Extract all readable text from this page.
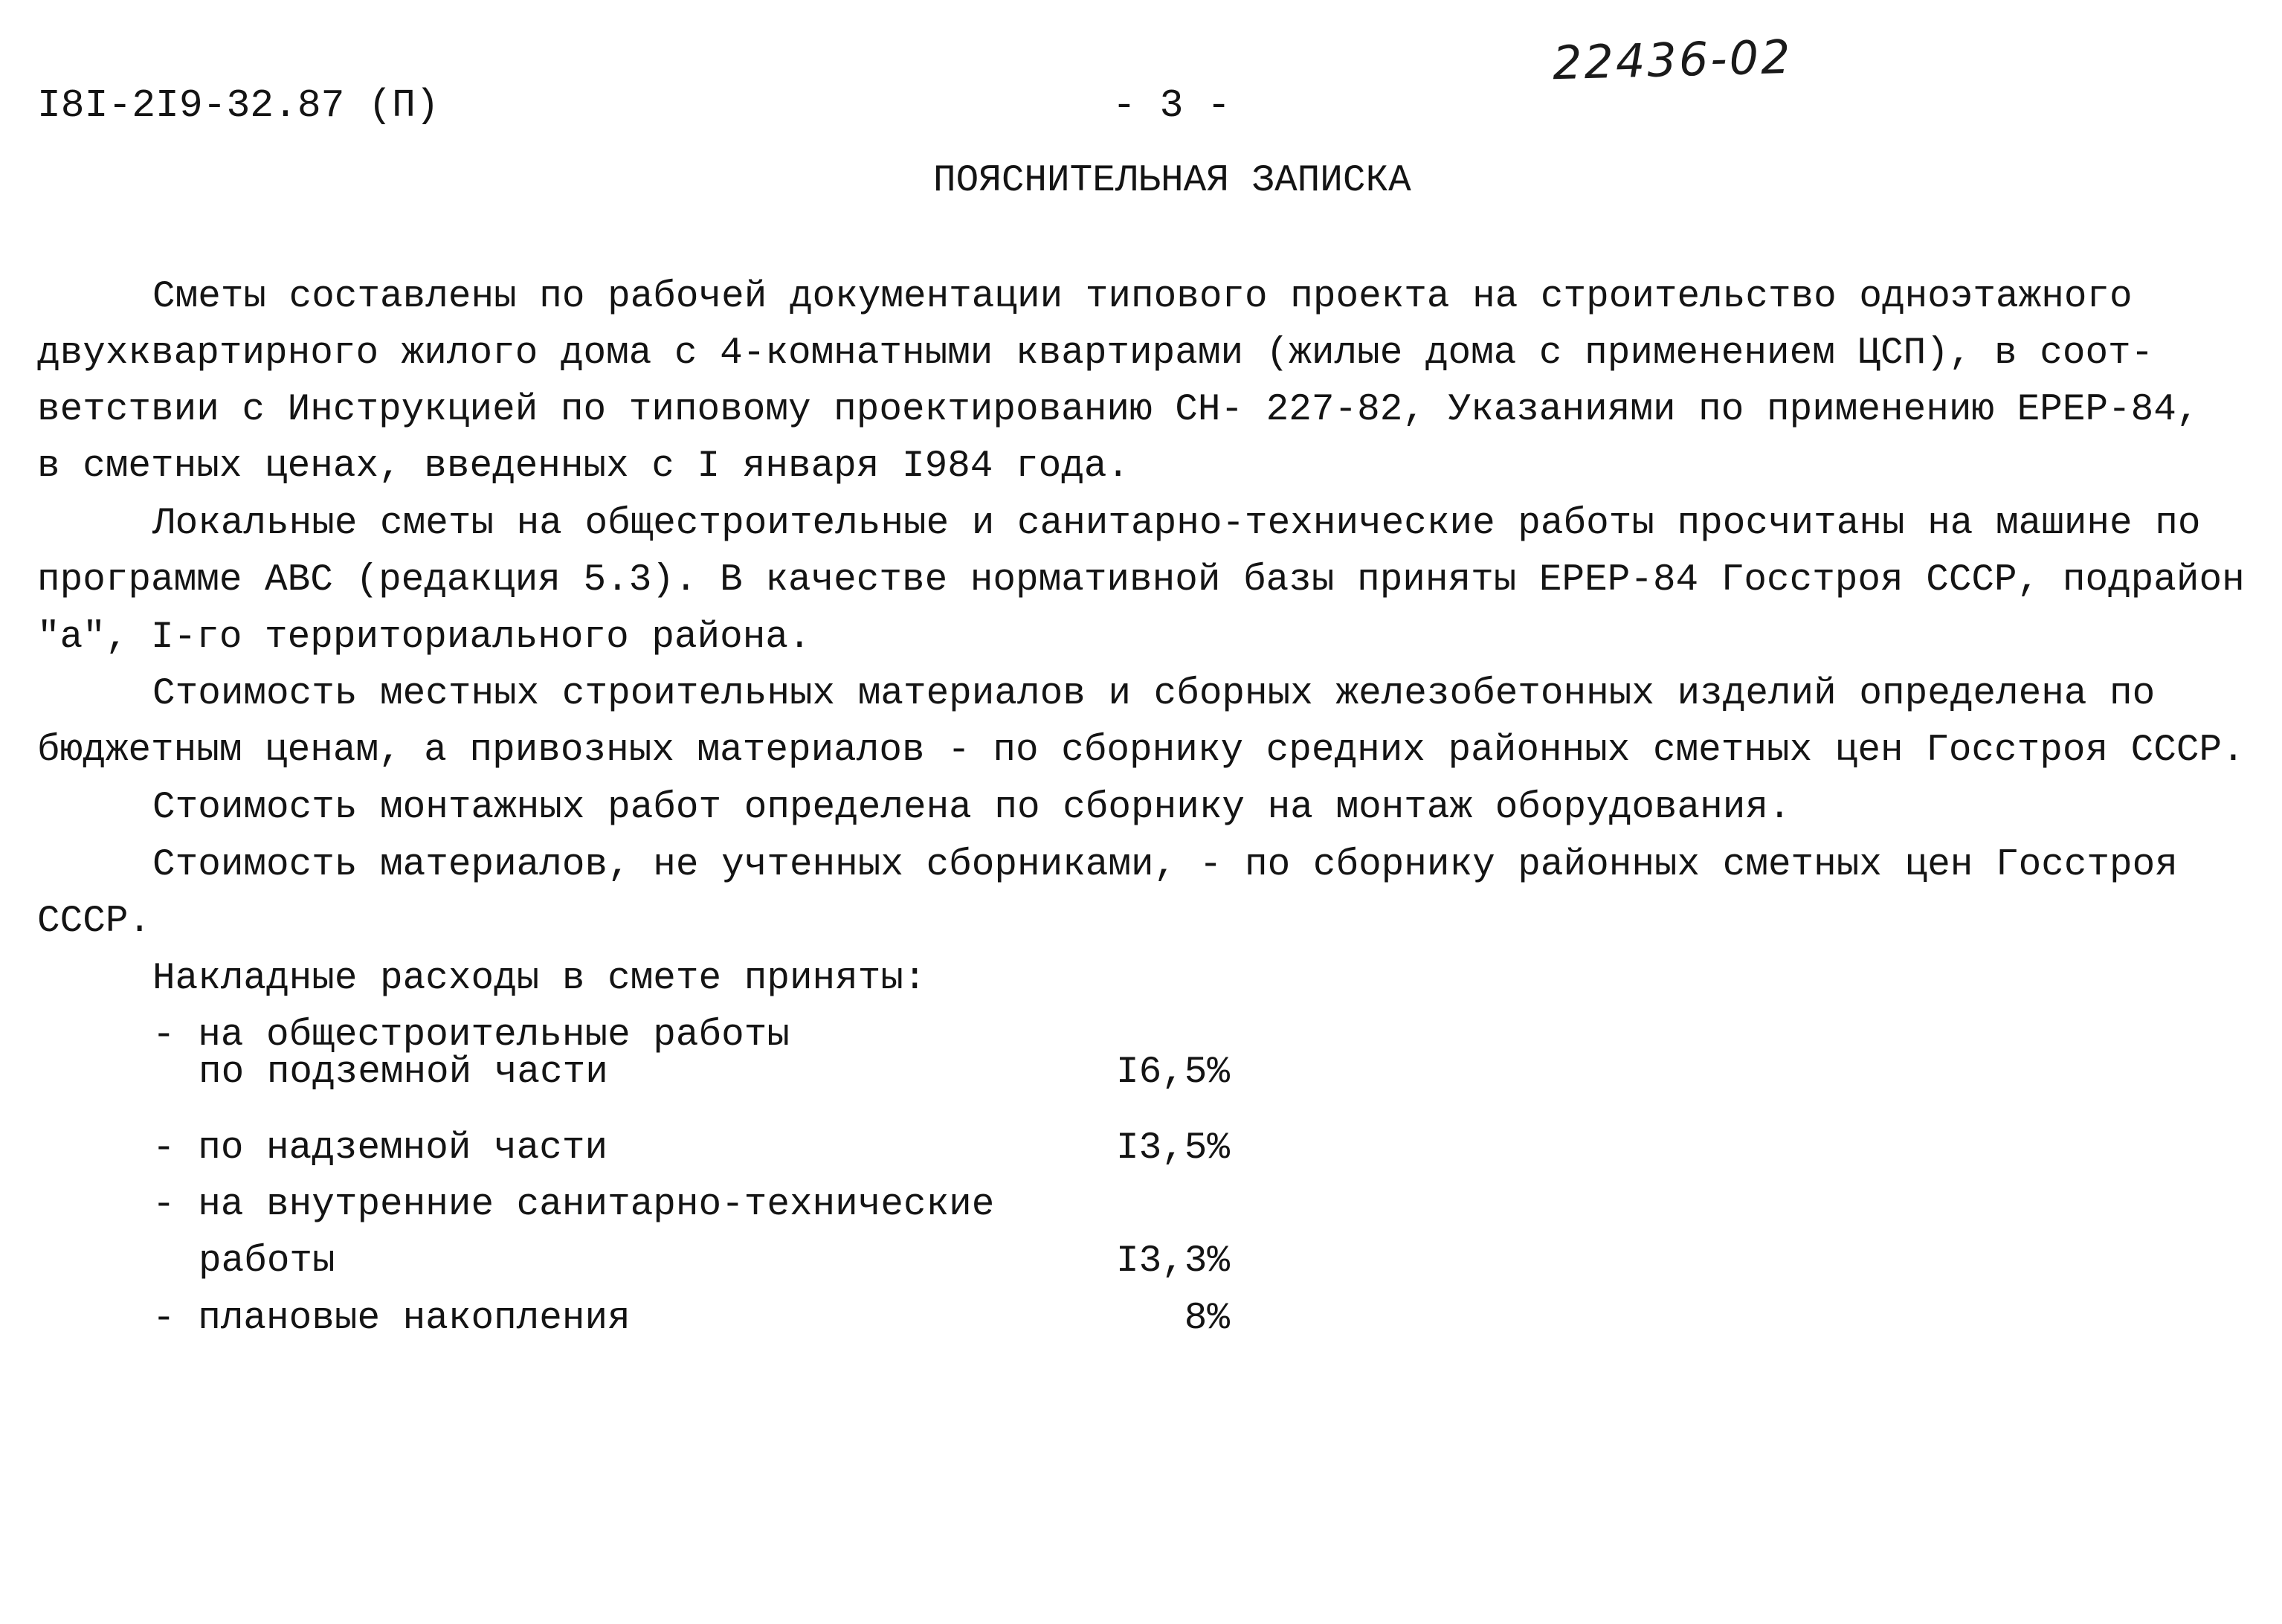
I8I-2I9-32.87 (П)	- 3 -
22436-02
ПОЯСНИТЕЛЬНАЯ ЗАПИСКА
Сметы составлены по рабочей документации типового проекта на строительство одноэтажного
двухквартирного жилого дома с 4-комнатными квартирами (жилые дома с применением ЦСП), в соот-
ветствии с Инструкцией по типовому проектированию СН- 227-82, Указаниями по применению ЕРЕР-84,
в сметных ценах, введенных с I января I984 года.
Локальные сметы на общестроительные и санитарно-технические работы просчитаны на машине по
программе АВС (редакция 5.3). В качестве нормативной базы приняты ЕРЕР-84 Госстроя СССР, подрайон
"а", I-го территориального района.
Стоимость местных строительных материалов и сборных железобетонных изделий определена по
бюджетным ценам, а привозных материалов - по сборнику средних районных сметных цен Госстроя СССР.
Стоимость монтажных работ определена по сборнику на монтаж оборудования.
Стоимость материалов, не учтенных сборниками, - по сборнику районных сметных цен Госстроя
СССР.
Накладные расходы в смете приняты:
- на общестроительные работы
по подземной части	I6,5%
- по надземной части	I3,5%
- на внутренние санитарно-технические
работы	I3,3%
- плановые накопления	8%
